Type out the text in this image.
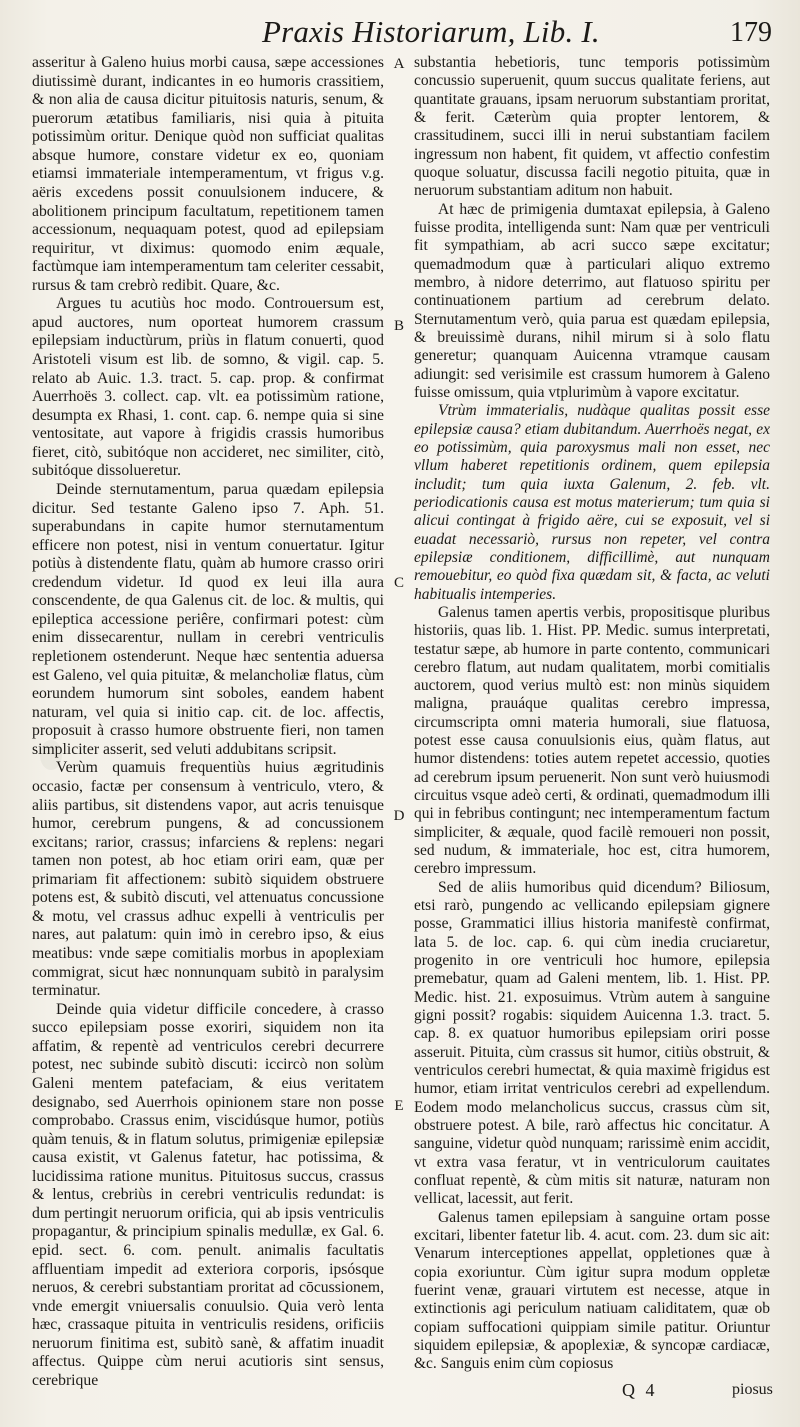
Praxis Historiarum, Lib. I.	179

asseritur à Galeno huius morbi causa, sæpe accessiones diutissimè durant, indicantes in eo humoris crassitiem, & non alia de causa dicitur pituitosis naturis, senum, & puerorum ætatibus familiaris, nisi quia à pituita potissimùm oritur. Denique quòd non sufficiat qualitas absque humore, constare videtur ex eo, quoniam etiamsi immateriale intemperamentum, vt frigus v.g. aëris excedens possit conuulsionem inducere, & abolitionem principum facultatum, repetitionem tamen accessionum, nequaquam potest, quod ad epilepsiam requiritur, vt diximus: quomodo enim æquale, factùmque iam intemperamentum tam celeriter cessabit, rursus & tam crebrò redibit. Quare, &c.

Argues tu acutiùs hoc modo. Controuersum est, apud auctores, num oporteat humorem crassum epilepsiam inductùrum, priùs in flatum conuerti, quod Aristoteli visum est lib. de somno, & vigil. cap. 5. relato ab Auic. 1.3. tract. 5. cap. prop. & confirmat Auerrhoës 3. collect. cap. vlt. ea potissimùm ratione, desumpta ex Rhasi, 1. cont. cap. 6. nempe quia si sine ventositate, aut vapore à frigidis crassis humoribus fieret, citò, subitóque non accideret, nec similiter, citò, subitóque dissolueretur.

Deinde sternutamentum, parua quædam epilepsia dicitur. Sed testante Galeno ipso 7. Aph. 51. superabundans in capite humor sternutamentum efficere non potest, nisi in ventum conuertatur. Igitur potiùs à distendente flatu, quàm ab humore crasso oriri credendum videtur. Id quod ex leui illa aura conscendente, de qua Galenus cit. de loc. & multis, qui epileptica accessione periêre, confirmari potest: cùm enim dissecarentur, nullam in cerebri ventriculis repletionem ostenderunt. Neque hæc sententia aduersa est Galeno, vel quia pituitæ, & melancholiæ flatus, cùm eorundem humorum sint soboles, eandem habent naturam, vel quia si initio cap. cit. de loc. affectis, proposuit à crasso humore obstruente fieri, non tamen simpliciter asserit, sed veluti addubitans scripsit.

Verùm quamuis frequentiùs huius ægritudinis occasio, factæ per consensum à ventriculo, vtero, & aliis partibus, sit distendens vapor, aut acris tenuisque humor, cerebrum pungens, & ad concussionem excitans; rarior, crassus; infarciens & replens: negari tamen non potest, ab hoc etiam oriri eam, quæ per primariam fit affectionem: subitò siquidem obstruere potens est, & subitò discuti, vel attenuatus concussione & motu, vel crassus adhuc expelli à ventriculis per nares, aut palatum: quin imò in cerebro ipso, & eius meatibus: vnde sæpe comitialis morbus in apoplexiam commigrat, sicut hæc nonnunquam subitò in paralysim terminatur.

Deinde quia videtur difficile concedere, à crasso succo epilepsiam posse exoriri, siquidem non ita affatim, & repentè ad ventriculos cerebri decurrere potest, nec subinde subitò discuti: iccircò non solùm Galeni mentem patefaciam, & eius veritatem designabo, sed Auerrhois opinionem stare non posse comprobabo. Crassus enim, viscidúsque humor, potiùs quàm tenuis, & in flatum solutus, primigeniæ epilepsiæ causa existit, vt Galenus fatetur, hac potissima, & lucidissima ratione munitus. Pituitosus succus, crassus & lentus, crebriùs in cerebri ventriculis redundat: is dum pertingit neruorum orificia, qui ab ipsis ventriculis propagantur, & principium spinalis medullæ, ex Gal. 6. epid. sect. 6. com. penult. animalis facultatis affluentiam impedit ad exteriora corporis, ipsósque neruos, & cerebri substantiam proritat ad cōcussionem, vnde emergit vniuersalis conuulsio. Quia verò lenta hæc, crassaque pituita in ventriculis residens, orificiis neruorum finitima est, subitò sanè, & affatim inuadit affectus. Quippe cùm nerui acutioris sint sensus, cerebrique

A
B
C
D
E

substantia hebetioris, tunc temporis potissimùm concussio superuenit, quum succus qualitate feriens, aut quantitate grauans, ipsam neruorum substantiam proritat, & ferit. Cæterùm quia propter lentorem, & crassitudinem, succi illi in nerui substantiam facilem ingressum non habent, fit quidem, vt affectio confestim quoque soluatur, discussa facili negotio pituita, quæ in neruorum substantiam aditum non habuit.

At hæc de primigenia dumtaxat epilepsia, à Galeno fuisse prodita, intelligenda sunt: Nam quæ per ventriculi fit sympathiam, ab acri succo sæpe excitatur; quemadmodum quæ à particulari aliquo extremo membro, à nidore deterrimo, aut flatuoso spiritu per continuationem partium ad cerebrum delato. Sternutamentum verò, quia parua est quædam epilepsia, & breuissimè durans, nihil mirum si à solo flatu generetur; quanquam Auicenna vtramque causam adiungit: sed verisimile est crassum humorem à Galeno fuisse omissum, quia vtplurimùm à vapore excitatur.

Vtrùm immaterialis, nudàque qualitas possit esse epilepsiæ causa? etiam dubitandum. Auerrhoës negat, ex eo potissimùm, quia paroxysmus mali non esset, nec vllum haberet repetitionis ordinem, quem epilepsia includit; tum quia iuxta Galenum, 2. feb. vlt. periodicationis causa est motus materierum; tum quia si alicui contingat à frigido aëre, cui se exposuit, vel si euadat necessariò, rursus non repeter, vel contra epilepsiæ conditionem, difficillimè, aut nunquam remouebitur, eo quòd fixa quædam sit, & facta, ac veluti habitualis intemperies.

Galenus tamen apertis verbis, propositisque pluribus historiis, quas lib. 1. Hist. PP. Medic. sumus interpretati, testatur sæpe, ab humore in parte contento, communicari cerebro flatum, aut nudam qualitatem, morbi comitialis auctorem, quod verius multò est: non minùs siquidem maligna, prauáque qualitas cerebro impressa, circumscripta omni materia humorali, siue flatuosa, potest esse causa conuulsionis eius, quàm flatus, aut humor distendens: toties autem repetet accessio, quoties ad cerebrum ipsum peruenerit. Non sunt verò huiusmodi circuitus vsque adeò certi, & ordinati, quemadmodum illi qui in febribus contingunt; nec intemperamentum factum simpliciter, & æquale, quod facilè remoueri non possit, sed nudum, & immateriale, hoc est, citra humorem, cerebro impressum.

Sed de aliis humoribus quid dicendum? Biliosum, etsi rarò, pungendo ac vellicando epilepsiam gignere posse, Grammatici illius historia manifestè confirmat, lata 5. de loc. cap. 6. qui cùm inedia cruciaretur, progenito in ore ventriculi hoc humore, epilepsia premebatur, quam ad Galeni mentem, lib. 1. Hist. PP. Medic. hist. 21. exposuimus. Vtrùm autem à sanguine gigni possit? rogabis: siquidem Auicenna 1.3. tract. 5. cap. 8. ex quatuor humoribus epilepsiam oriri posse asseruit. Pituita, cùm crassus sit humor, citiùs obstruit, & ventriculos cerebri humectat, & quia maximè frigidus est humor, etiam irritat ventriculos cerebri ad expellendum. Eodem modo melancholicus succus, crassus cùm sit, obstruere potest. A bile, rarò affectus hic concitatur. A sanguine, videtur quòd nunquam; rarissimè enim accidit, vt extra vasa feratur, vt in ventriculorum cauitates confluat repentè, & cùm mitis sit naturæ, naturam non vellicat, lacessit, aut ferit.

Galenus tamen epilepsiam à sanguine ortam posse excitari, libenter fatetur lib. 4. acut. com. 23. dum sic ait: Venarum interceptiones appellat, oppletiones quæ à copia exoriuntur. Cùm igitur supra modum oppletæ fuerint venæ, grauari virtutem est necesse, atque in extinctionis agi periculum natiuam caliditatem, quæ ob copiam suffocationi quippiam simile patitur. Oriuntur siquidem epilepsiæ, & apoplexiæ, & syncopæ cardiacæ, &c. Sanguis enim cùm copiosus

Q 4	piosus
